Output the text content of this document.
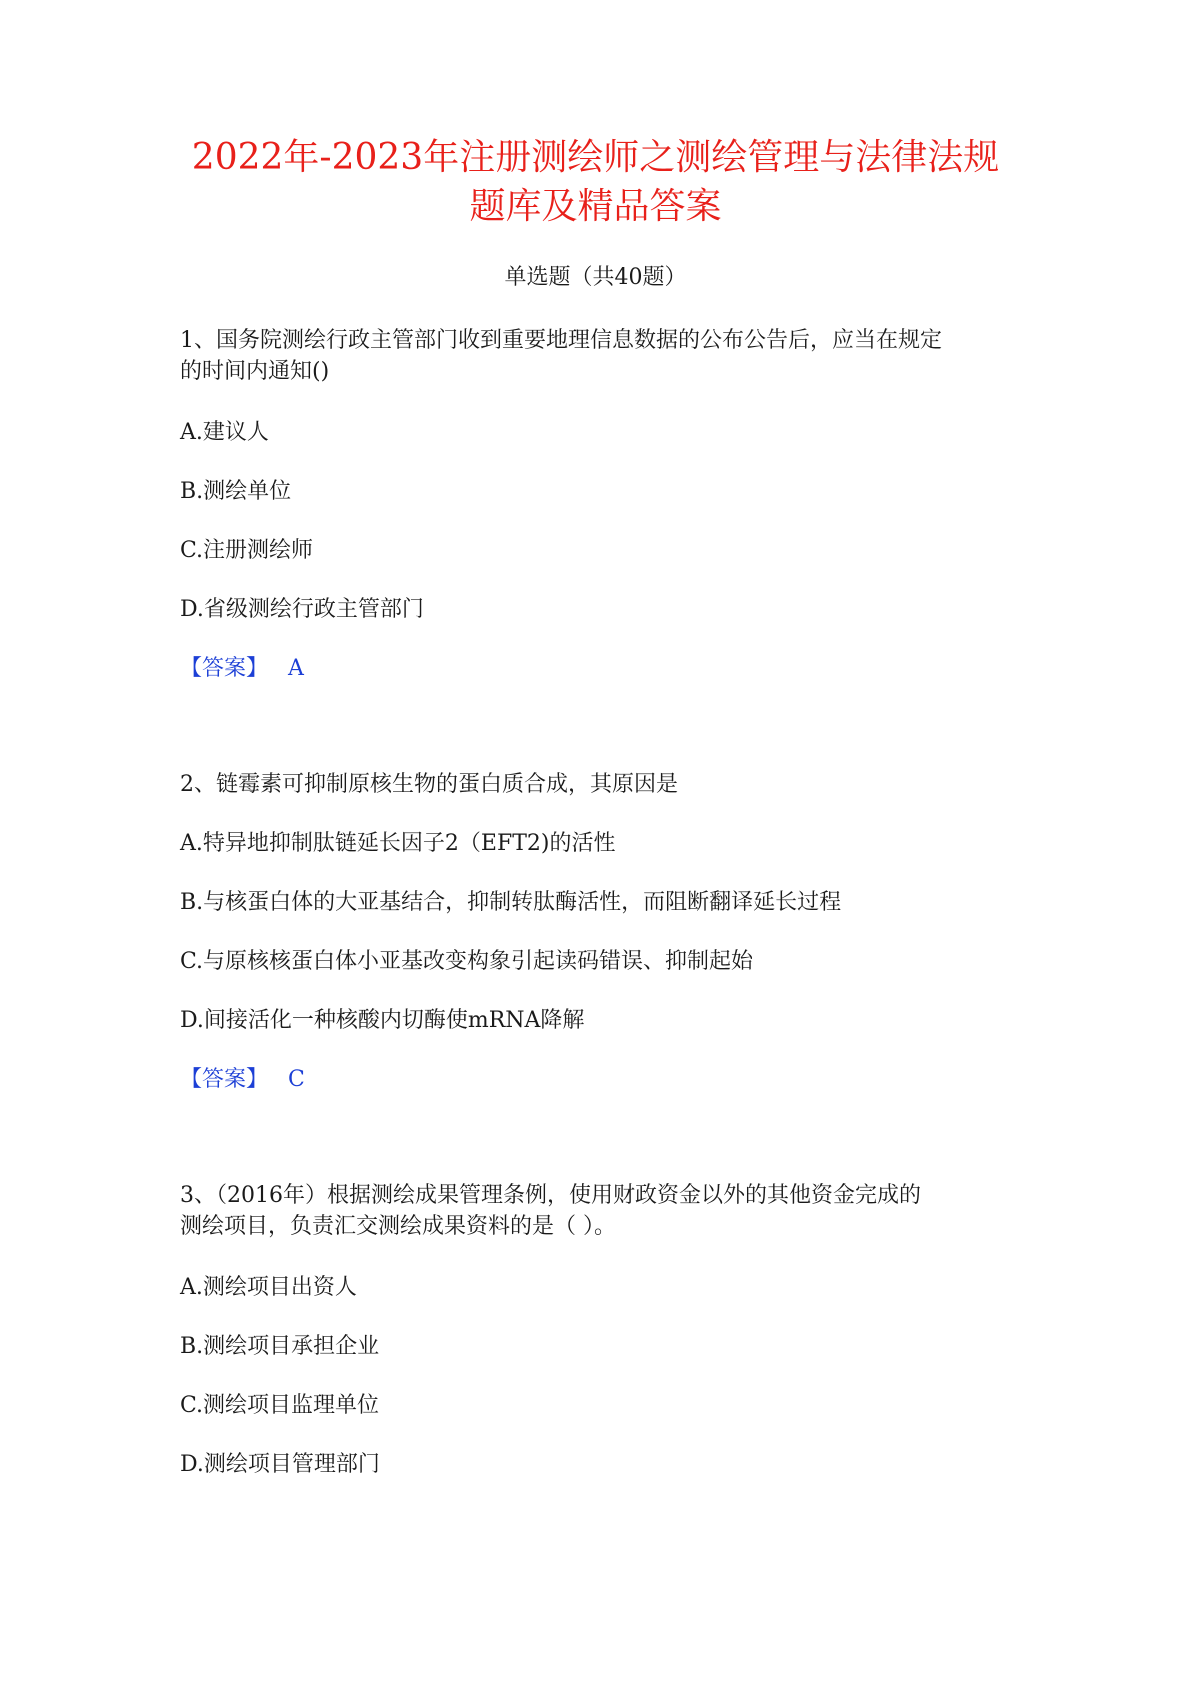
2022年-2023年注册测绘师之测绘管理与法律法规
题库及精品答案
单选题（共40题）
1、国务院测绘行政主管部门收到重要地理信息数据的公布公告后，应当在规定
的时间内通知()
A.建议人
B.测绘单位
C.注册测绘师
D.省级测绘行政主管部门
【答案】 A
2、链霉素可抑制原核生物的蛋白质合成，其原因是
A.特异地抑制肽链延长因子2（EFT2)的活性
B.与核蛋白体的大亚基结合，抑制转肽酶活性，而阻断翻译延长过程
C.与原核核蛋白体小亚基改变构象引起读码错误、抑制起始
D.间接活化一种核酸内切酶使mRNA降解
【答案】 C
3、（2016年）根据测绘成果管理条例，使用财政资金以外的其他资金完成的
测绘项目，负责汇交测绘成果资料的是（ ）。
A.测绘项目出资人
B.测绘项目承担企业
C.测绘项目监理单位
D.测绘项目管理部门
